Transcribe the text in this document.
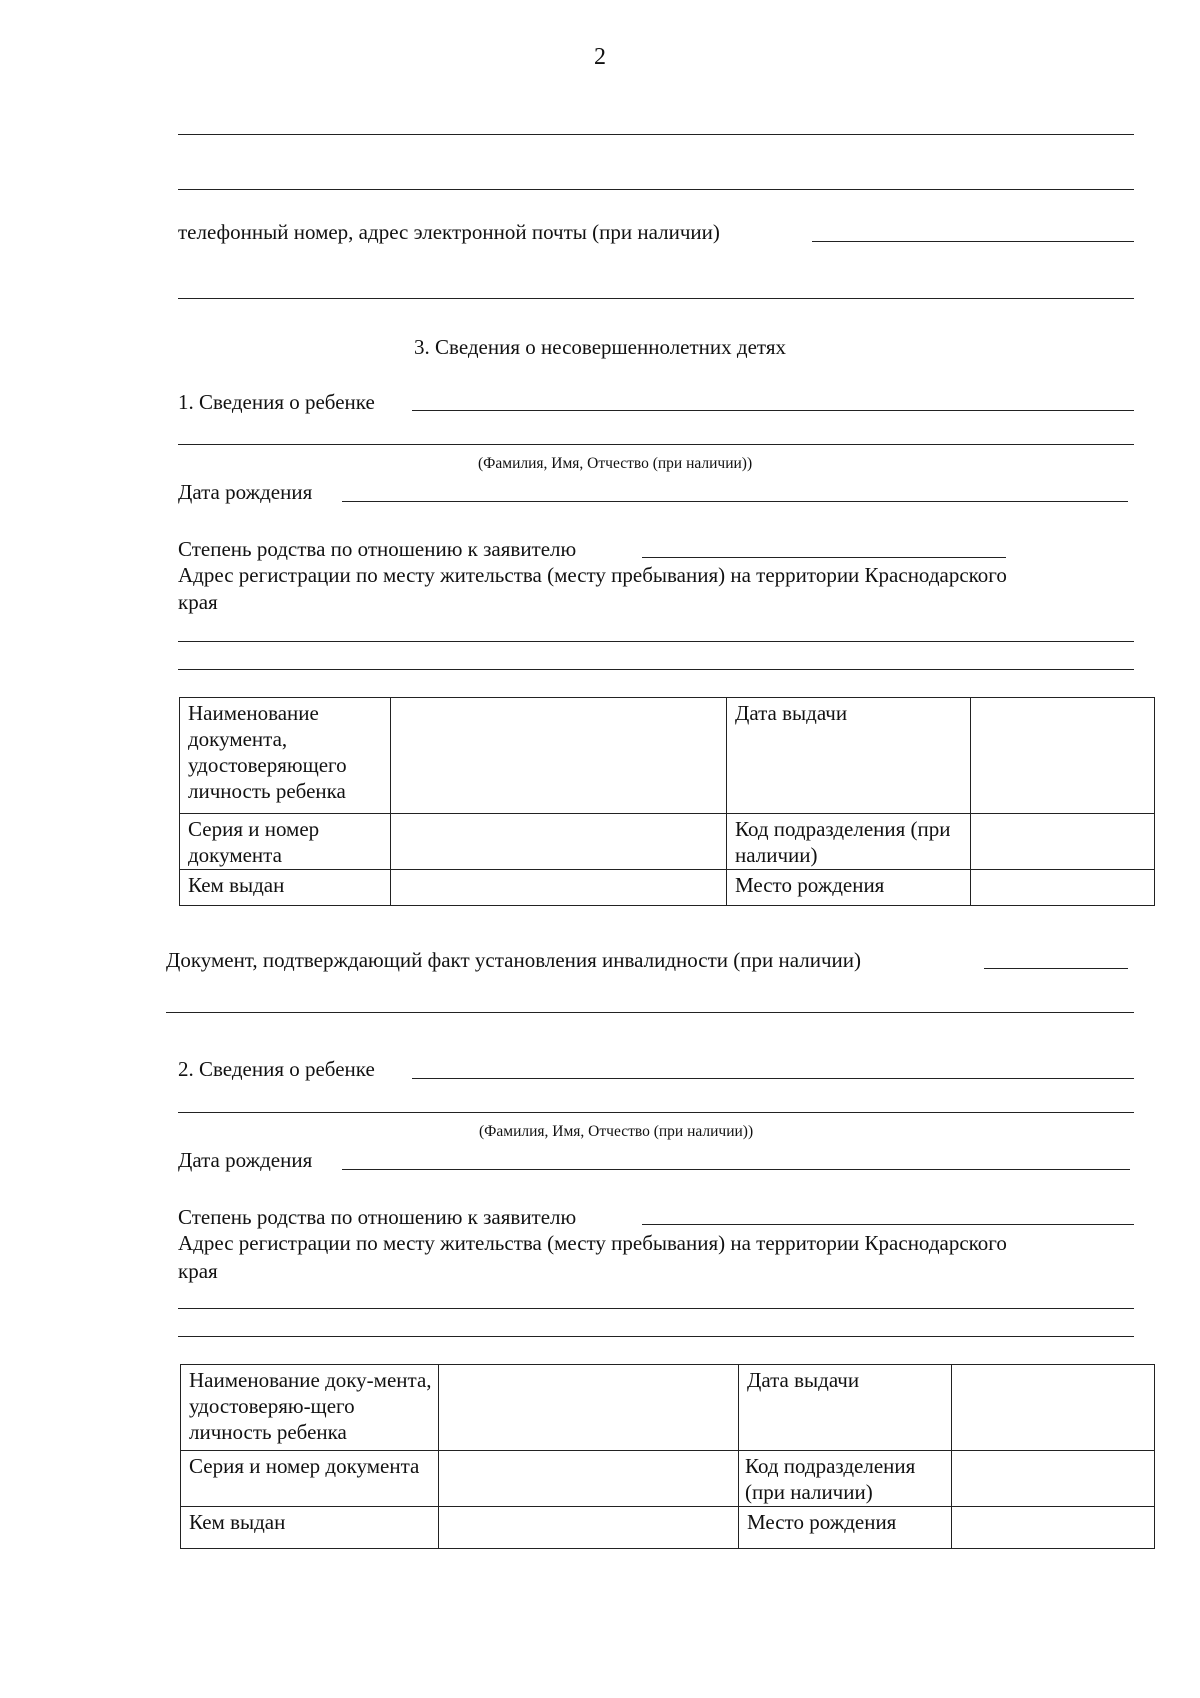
2
телефонный номер, адрес электронной почты (при наличии)
3. Сведения о несовершеннолетних детях
1. Сведения о ребенке
(Фамилия, Имя, Отчество (при наличии))
Дата рождения
Степень родства по отношению к заявителю
Адрес регистрации по месту жительства (месту пребывания) на территории Краснодарского
края
Наименование документа, удостоверяющего личность ребенка		Дата выдачи	
Серия и номер документа		Код подразделения (при наличии)	
Кем выдан		Место рождения	
Документ, подтверждающий факт установления инвалидности (при наличии)
2. Сведения о ребенке
(Фамилия, Имя, Отчество (при наличии))
Дата рождения
Степень родства по отношению к заявителю
Адрес регистрации по месту жительства (месту пребывания) на территории Краснодарского
края
Наименование доку-мента, удостоверяю-щего личность ребенка		Дата выдачи	
Серия и номер документа		Код подразделения (при наличии)	
Кем выдан		Место рождения	
